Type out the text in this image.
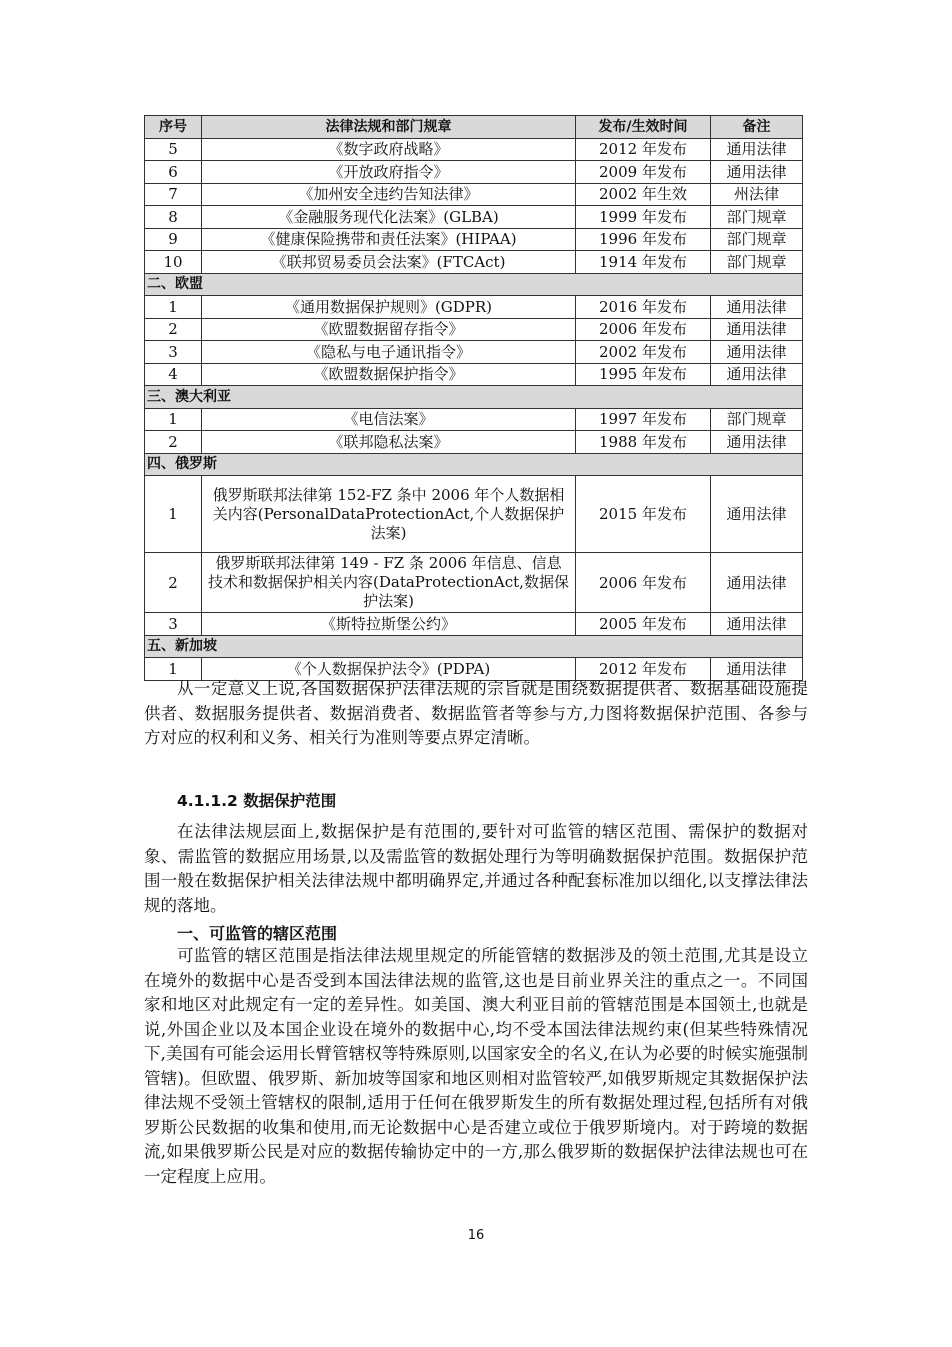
序号	法律法规和部门规章	发布/生效时间	备注
5	《数字政府战略》	2012 年发布	通用法律
6	《开放政府指令》	2009 年发布	通用法律
7	《加州安全违约告知法律》	2002 年生效	州法律
8	《金融服务现代化法案》(GLBA)	1999 年发布	部门规章
9	《健康保险携带和责任法案》(HIPAA)	1996 年发布	部门规章
10	《联邦贸易委员会法案》(FTCAct)	1914 年发布	部门规章
二、欧盟			
1	《通用数据保护规则》(GDPR)	2016 年发布	通用法律
2	《欧盟数据留存指令》	2006 年发布	通用法律
3	《隐私与电子通讯指令》	2002 年发布	通用法律
4	《欧盟数据保护指令》	1995 年发布	通用法律
三、澳大利亚			
1	《电信法案》	1997 年发布	部门规章
2	《联邦隐私法案》	1988 年发布	通用法律
四、俄罗斯			
1	俄罗斯联邦法律第 152-FZ 条中 2006 年个人数据相关内容(PersonalDataProtectionAct,个人数据保护法案)	2015 年发布	通用法律
2	俄罗斯联邦法律第 149 - FZ 条 2006 年信息、信息技术和数据保护相关内容(DataProtectionAct,数据保护法案)	2006 年发布	通用法律
3	《斯特拉斯堡公约》	2005 年发布	通用法律
五、新加坡			
1	《个人数据保护法令》(PDPA)	2012 年发布	通用法律

从一定意义上说,各国数据保护法律法规的宗旨就是围绕数据提供者、数据基础设施提供者、数据服务提供者、数据消费者、数据监管者等参与方,力图将数据保护范围、各参与方对应的权利和义务、相关行为准则等要点界定清晰。

4.1.1.2 数据保护范围

在法律法规层面上,数据保护是有范围的,要针对可监管的辖区范围、需保护的数据对象、需监管的数据应用场景,以及需监管的数据处理行为等明确数据保护范围。数据保护范围一般在数据保护相关法律法规中都明确界定,并通过各种配套标准加以细化,以支撑法律法规的落地。

一、可监管的辖区范围

可监管的辖区范围是指法律法规里规定的所能管辖的数据涉及的领土范围,尤其是设立在境外的数据中心是否受到本国法律法规的监管,这也是目前业界关注的重点之一。不同国家和地区对此规定有一定的差异性。如美国、澳大利亚目前的管辖范围是本国领土,也就是说,外国企业以及本国企业设在境外的数据中心,均不受本国法律法规约束(但某些特殊情况下,美国有可能会运用长臂管辖权等特殊原则,以国家安全的名义,在认为必要的时候实施强制管辖)。但欧盟、俄罗斯、新加坡等国家和地区则相对监管较严,如俄罗斯规定其数据保护法律法规不受领土管辖权的限制,适用于任何在俄罗斯发生的所有数据处理过程,包括所有对俄罗斯公民数据的收集和使用,而无论数据中心是否建立或位于俄罗斯境内。对于跨境的数据流,如果俄罗斯公民是对应的数据传输协定中的一方,那么俄罗斯的数据保护法律法规也可在一定程度上应用。

16
